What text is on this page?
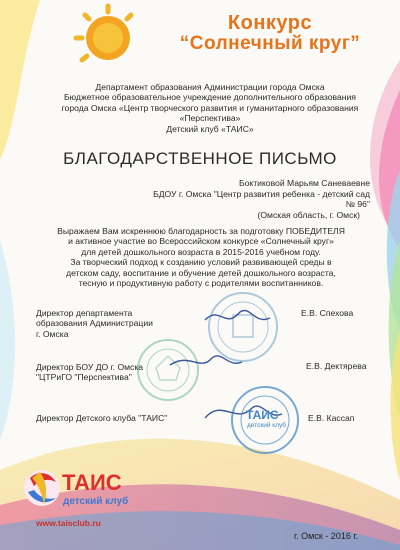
Конкурс
“Солнечный круг”
Департамент образования Администрации города Омска
Бюджетное образовательное учреждение дополнительного образования
города Омска «Центр творческого развития и гуманитарного образования
«Перспектива»
Детский клуб «ТАИС»
БЛАГОДАРСТВЕННОЕ ПИСЬМО
Боктиковой Марьям Саневаевне
БДОУ г. Омска "Центр развития ребенка - детский сад № 96"
(Омская область, г. Омск)
Выражаем Вам искреннюю благодарность за подготовку ПОБЕДИТЕЛЯ
и активное участие во Всероссийском конкурсе «Солнечный круг»
для детей дошкольного возраста в 2015-2016 учебном году.
За творческий подход к созданию условий развивающей среды в
детском саду, воспитание и обучение детей дошкольного возраста,
тесную и продуктивную работу с родителями воспитанников.
Директор департамента
образования Администрации
г. Омска
Е.В. Спехова
Директор БОУ ДО г. Омска
"ЦТРиГО "Перспектива"
Е.В. Дектярева
Директор Детского клуба "ТАИС"	Е.В. Кассап
ТАИС
детский клуб
ТАИС
детский клуб
www.taisclub.ru
г. Омск - 2016 г.
